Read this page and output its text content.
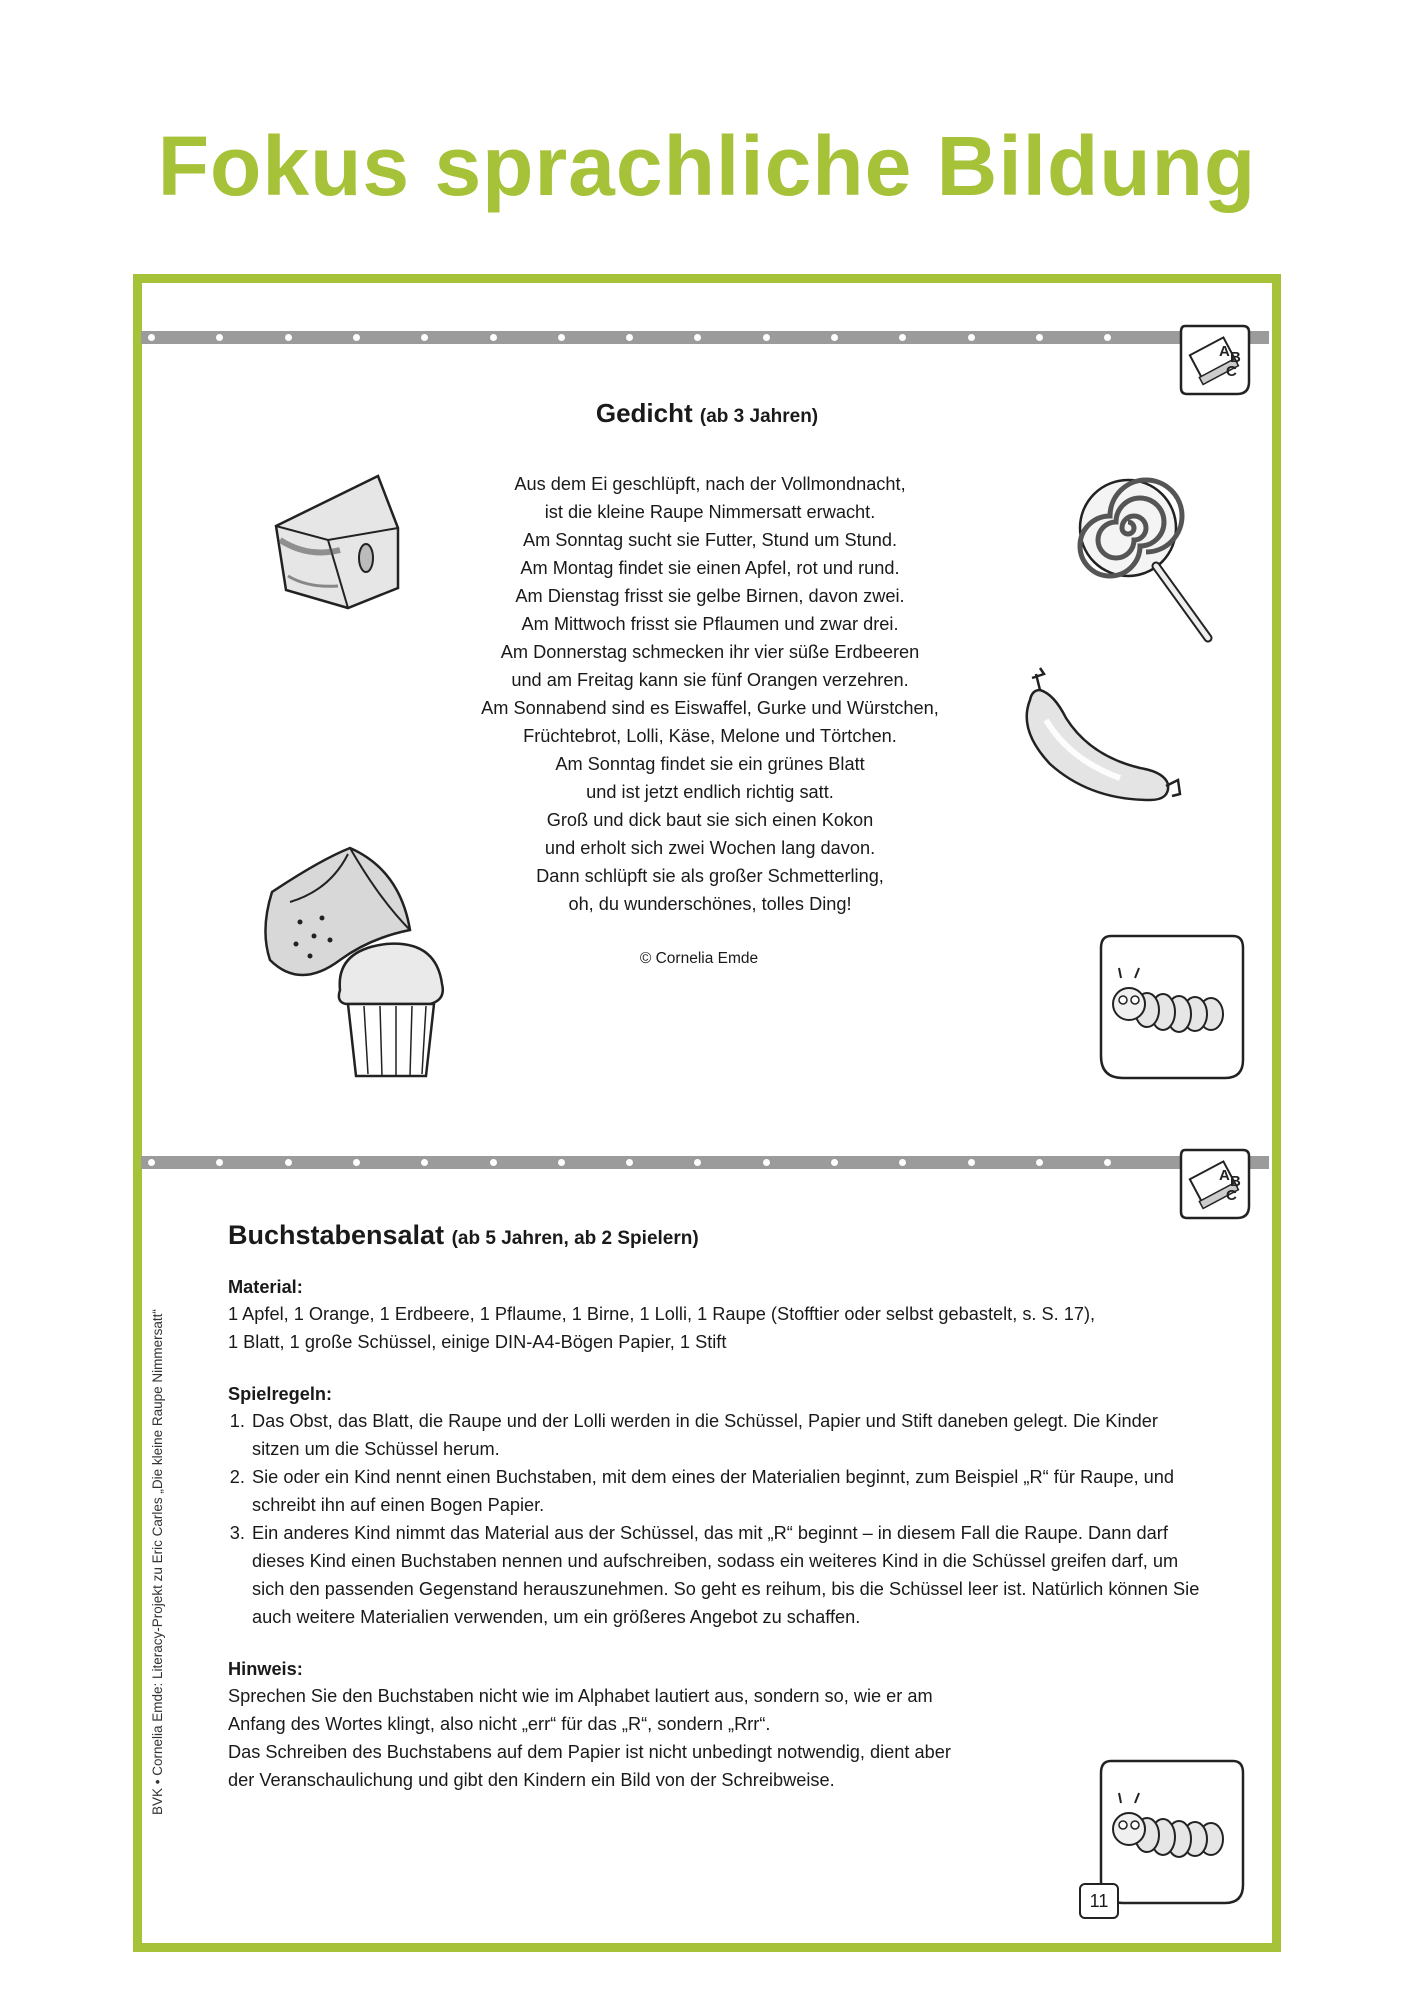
Fokus sprachliche Bildung
A B
C
A B
C
Gedicht (ab 3 Jahren)
Aus dem Ei geschlüpft, nach der Vollmondnacht,
ist die kleine Raupe Nimmersatt erwacht.
Am Sonntag sucht sie Futter, Stund um Stund.
Am Montag findet sie einen Apfel, rot und rund.
Am Dienstag frisst sie gelbe Birnen, davon zwei.
Am Mittwoch frisst sie Pflaumen und zwar drei.
Am Donnerstag schmecken ihr vier süße Erdbeeren
und am Freitag kann sie fünf Orangen verzehren.
Am Sonnabend sind es Eiswaffel, Gurke und Würstchen,
Früchtebrot, Lolli, Käse, Melone und Törtchen.
Am Sonntag findet sie ein grünes Blatt
und ist jetzt endlich richtig satt.
Groß und dick baut sie sich einen Kokon
und erholt sich zwei Wochen lang davon.
Dann schlüpft sie als großer Schmetterling,
oh, du wunderschönes, tolles Ding!
© Cornelia Emde
Buchstabensalat (ab 5 Jahren, ab 2 Spielern)
Material:
1 Apfel, 1 Orange, 1 Erdbeere, 1 Pflaume, 1 Birne, 1 Lolli, 1 Raupe (Stofftier oder selbst gebastelt, s. S. 17),
1 Blatt, 1 große Schüssel, einige DIN-A4-Bögen Papier, 1 Stift
Spielregeln:
1. Das Obst, das Blatt, die Raupe und der Lolli werden in die Schüssel, Papier und Stift daneben gelegt. Die Kinder sitzen um die Schüssel herum.
2. Sie oder ein Kind nennt einen Buchstaben, mit dem eines der Materialien beginnt, zum Beispiel „R“ für Raupe, und schreibt ihn auf einen Bogen Papier.
3. Ein anderes Kind nimmt das Material aus der Schüssel, das mit „R“ beginnt – in diesem Fall die Raupe. Dann darf dieses Kind einen Buchstaben nennen und aufschreiben, sodass ein weiteres Kind in die Schüssel greifen darf, um sich den passenden Gegenstand herauszunehmen. So geht es reihum, bis die Schüssel leer ist. Natürlich können Sie auch weitere Materialien verwenden, um ein größeres Angebot zu schaffen.
Hinweis:
Sprechen Sie den Buchstaben nicht wie im Alphabet lautiert aus, sondern so, wie er am
Anfang des Wortes klingt, also nicht „err“ für das „R“, sondern „Rrr“.
Das Schreiben des Buchstabens auf dem Papier ist nicht unbedingt notwendig, dient aber
der Veranschaulichung und gibt den Kindern ein Bild von der Schreibweise.
BVK • Cornelia Emde: Literacy-Projekt zu Eric Carles „Die kleine Raupe Nimmersatt“
11
